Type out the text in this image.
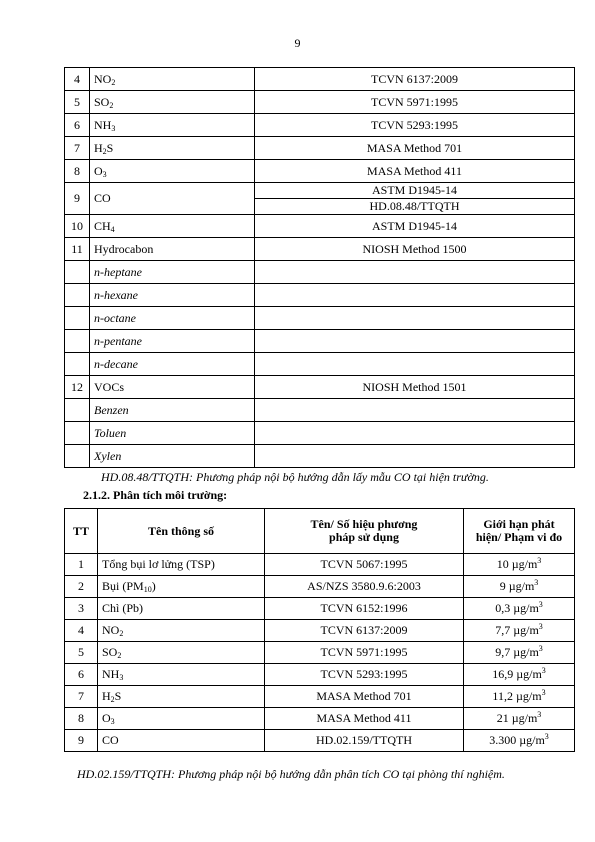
9
4	$NO_2$	TCVN 6137:2009
5	$SO_2$	TCVN 5971:1995
6	$NH_3$	TCVN 5293:1995
7	$H_2S$	MASA Method 701
8	$O_3$	MASA Method 411
9	CO	ASTM D1945-14
		HD.08.48/TTQTH
10	$CH_4$	ASTM D1945-14
11	Hydrocabon	NIOSH Method 1500
	n-heptane	
	n-hexane	
	n-octane	
	n-pentane	
	n-decane	
12	VOCs	NIOSH Method 1501
	Benzen	
	Toluen	
	Xylen	
HD.08.48/TTQTH: Phương pháp nội bộ hướng dẫn lấy mẫu CO tại hiện trường.
2.1.2. Phân tích môi trường:
TT	Tên thông số	Tên/ Số hiệu phương pháp sử dụng	Giới hạn phát hiện/ Phạm vi đo
1	Tổng bụi lơ lửng (TSP)	TCVN 5067:1995	10 $\mu g/m^3$
2	Bụi $(PM_{10})$	AS/NZS 3580.9.6:2003	9 $\mu g/m^3$
3	Chì (Pb)	TCVN 6152:1996	0,3 $\mu g/m^3$
4	$NO_2$	TCVN 6137:2009	7,7 $\mu g/m^3$
5	$SO_2$	TCVN 5971:1995	9,7 $\mu g/m^3$
6	$NH_3$	TCVN 5293:1995	16,9 $\mu g/m^3$
7	$H_2S$	MASA Method 701	11,2 $\mu g/m^3$
8	$O_3$	MASA Method 411	21 $\mu g/m^3$
9	CO	HD.02.159/TTQTH	3.300 $\mu g/m^3$
HD.02.159/TTQTH: Phương pháp nội bộ hướng dẫn phân tích CO tại phòng thí nghiệm.
